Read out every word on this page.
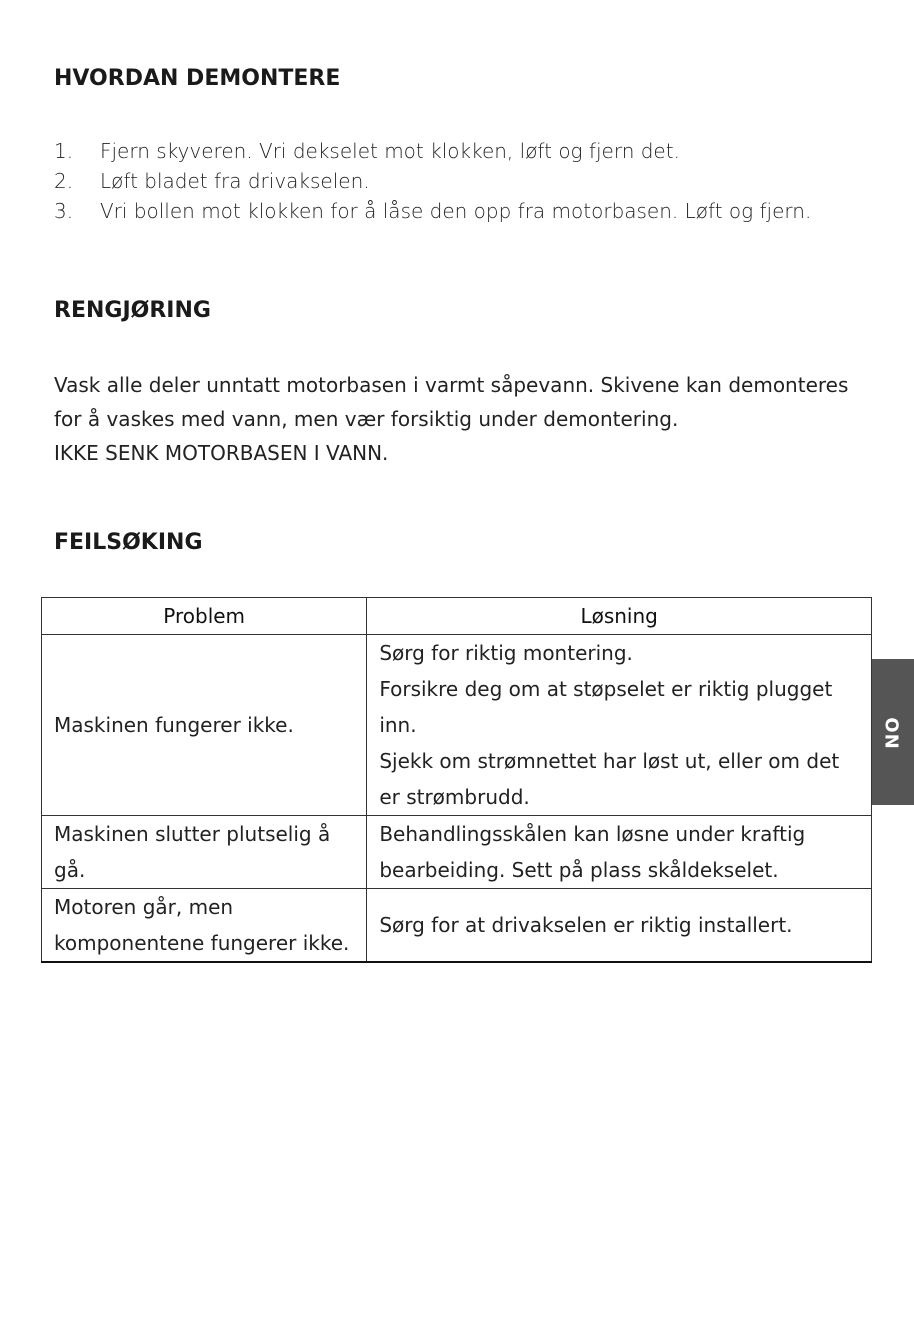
HVORDAN DEMONTERE
1.	Fjern skyveren. Vri dekselet mot klokken, løft og fjern det.
2.	Løft bladet fra drivakselen.
3.	Vri bollen mot klokken for å låse den opp fra motorbasen. Løft og fjern.
RENGJØRING
Vask alle deler unntatt motorbasen i varmt såpevann. Skivene kan demonteres
for å vaskes med vann, men vær forsiktig under demontering.
IKKE SENK MOTORBASEN I VANN.
FEILSØKING
Problem	Løsning
Maskinen fungerer ikke.	Sørg for riktig montering.
Forsikre deg om at støpselet er riktig plugget inn.
Sjekk om strømnettet har løst ut, eller om det er strømbrudd.

Maskinen slutter plutselig å gå.	Behandlingsskålen kan løsne under kraftig bearbeiding. Sett på plass skåldekselet.

Motoren går, men komponentene fungerer ikke.	Sørg for at drivakselen er riktig installert.
NO
